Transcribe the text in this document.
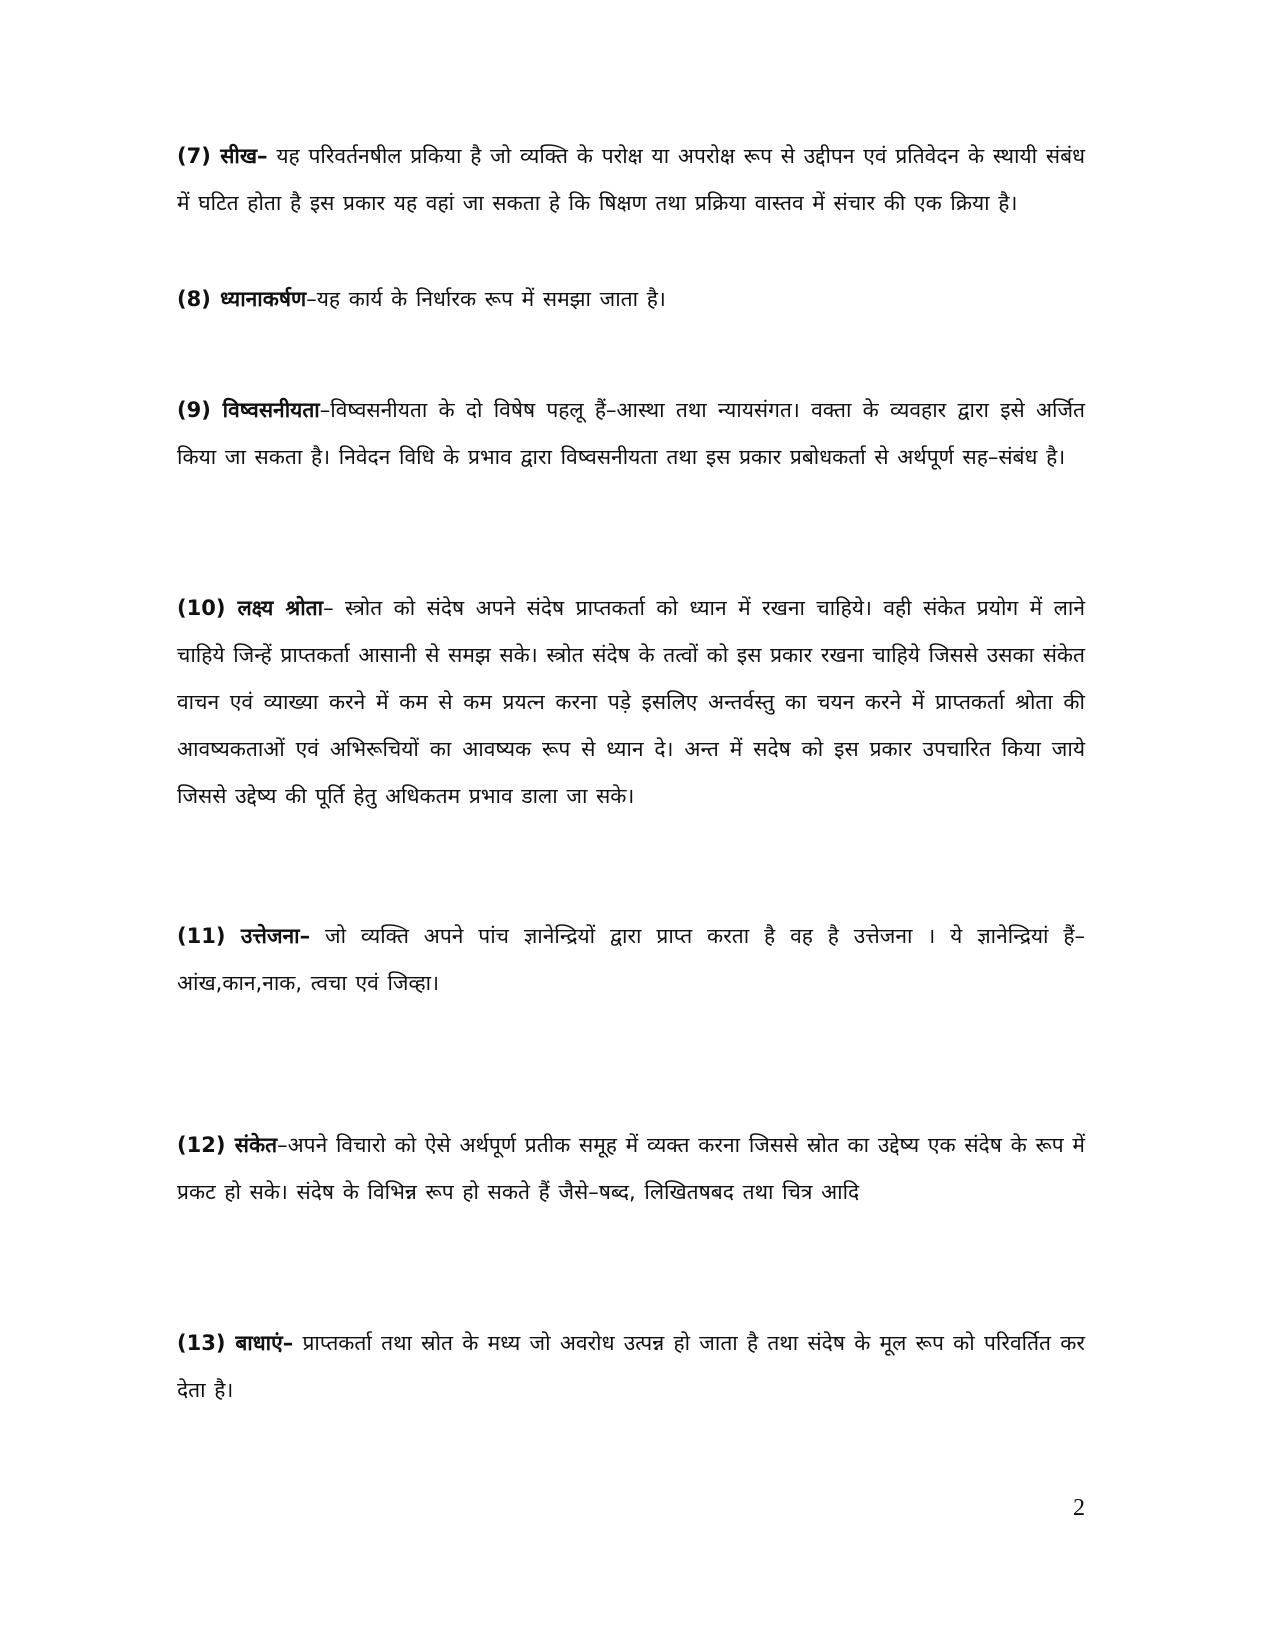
(7) सीख– यह परिवर्तनषील प्रकिया है जो व्यक्ति के परोक्ष या अपरोक्ष रूप से उद्दीपन एवं प्रतिवेदन के स्थायी संबंध में घटित होता है इस प्रकार यह वहां जा सकता हे कि षिक्षण तथा प्रक्रिया वास्तव में संचार की एक क्रिया है।

(8) ध्यानाकर्षण–यह कार्य के निर्धारक रूप में समझा जाता है।

(9) विष्वसनीयता–विष्वसनीयता के दो विषेष पहलू हैं–आस्था तथा न्यायसंगत। वक्ता के व्यवहार द्वारा इसे अर्जित किया जा सकता है। निवेदन विधि के प्रभाव द्वारा विष्वसनीयता तथा इस प्रकार प्रबोधकर्ता से अर्थपूर्ण सह–संबंध है।

(10) लक्ष्य श्रोता– स्त्रोत को संदेष अपने संदेष प्राप्तकर्ता को ध्यान में रखना चाहिये। वही संकेत प्रयोग में लाने चाहिये जिन्हें प्राप्तकर्ता आसानी से समझ सके। स्त्रोत संदेष के तत्वों को इस प्रकार रखना चाहिये जिससे उसका संकेत वाचन एवं व्याख्या करने में कम से कम प्रयत्न करना पड़े इसलिए अन्तर्वस्तु का चयन करने में प्राप्तकर्ता श्रोता की आवष्यकताओं एवं अभिरूचियों का आवष्यक रूप से ध्यान दे। अन्त में सदेष को इस प्रकार उपचारित किया जाये जिससे उद्देष्य की पूर्ति हेतु अधिकतम प्रभाव डाला जा सके।

(11) उत्तेजना– जो व्यक्ति अपने पांच ज्ञानेन्द्रियों द्वारा प्राप्त करता है वह है उत्तेजना । ये ज्ञानेन्द्रियां हैं–आंख,कान,नाक, त्वचा एवं जिव्हा।

(12) संकेत–अपने विचारो को ऐसे अर्थपूर्ण प्रतीक समूह में व्यक्त करना जिससे स्रोत का उद्देष्य एक संदेष के रूप में प्रकट हो सके। संदेष के विभिन्न रूप हो सकते हैं जैसे–षब्द, लिखितषबद तथा चित्र आदि

(13) बाधाएं– प्राप्तकर्ता तथा स्रोत के मध्य जो अवरोध उत्पन्न हो जाता है तथा संदेष के मूल रूप को परिवर्तित कर देता है।

2
